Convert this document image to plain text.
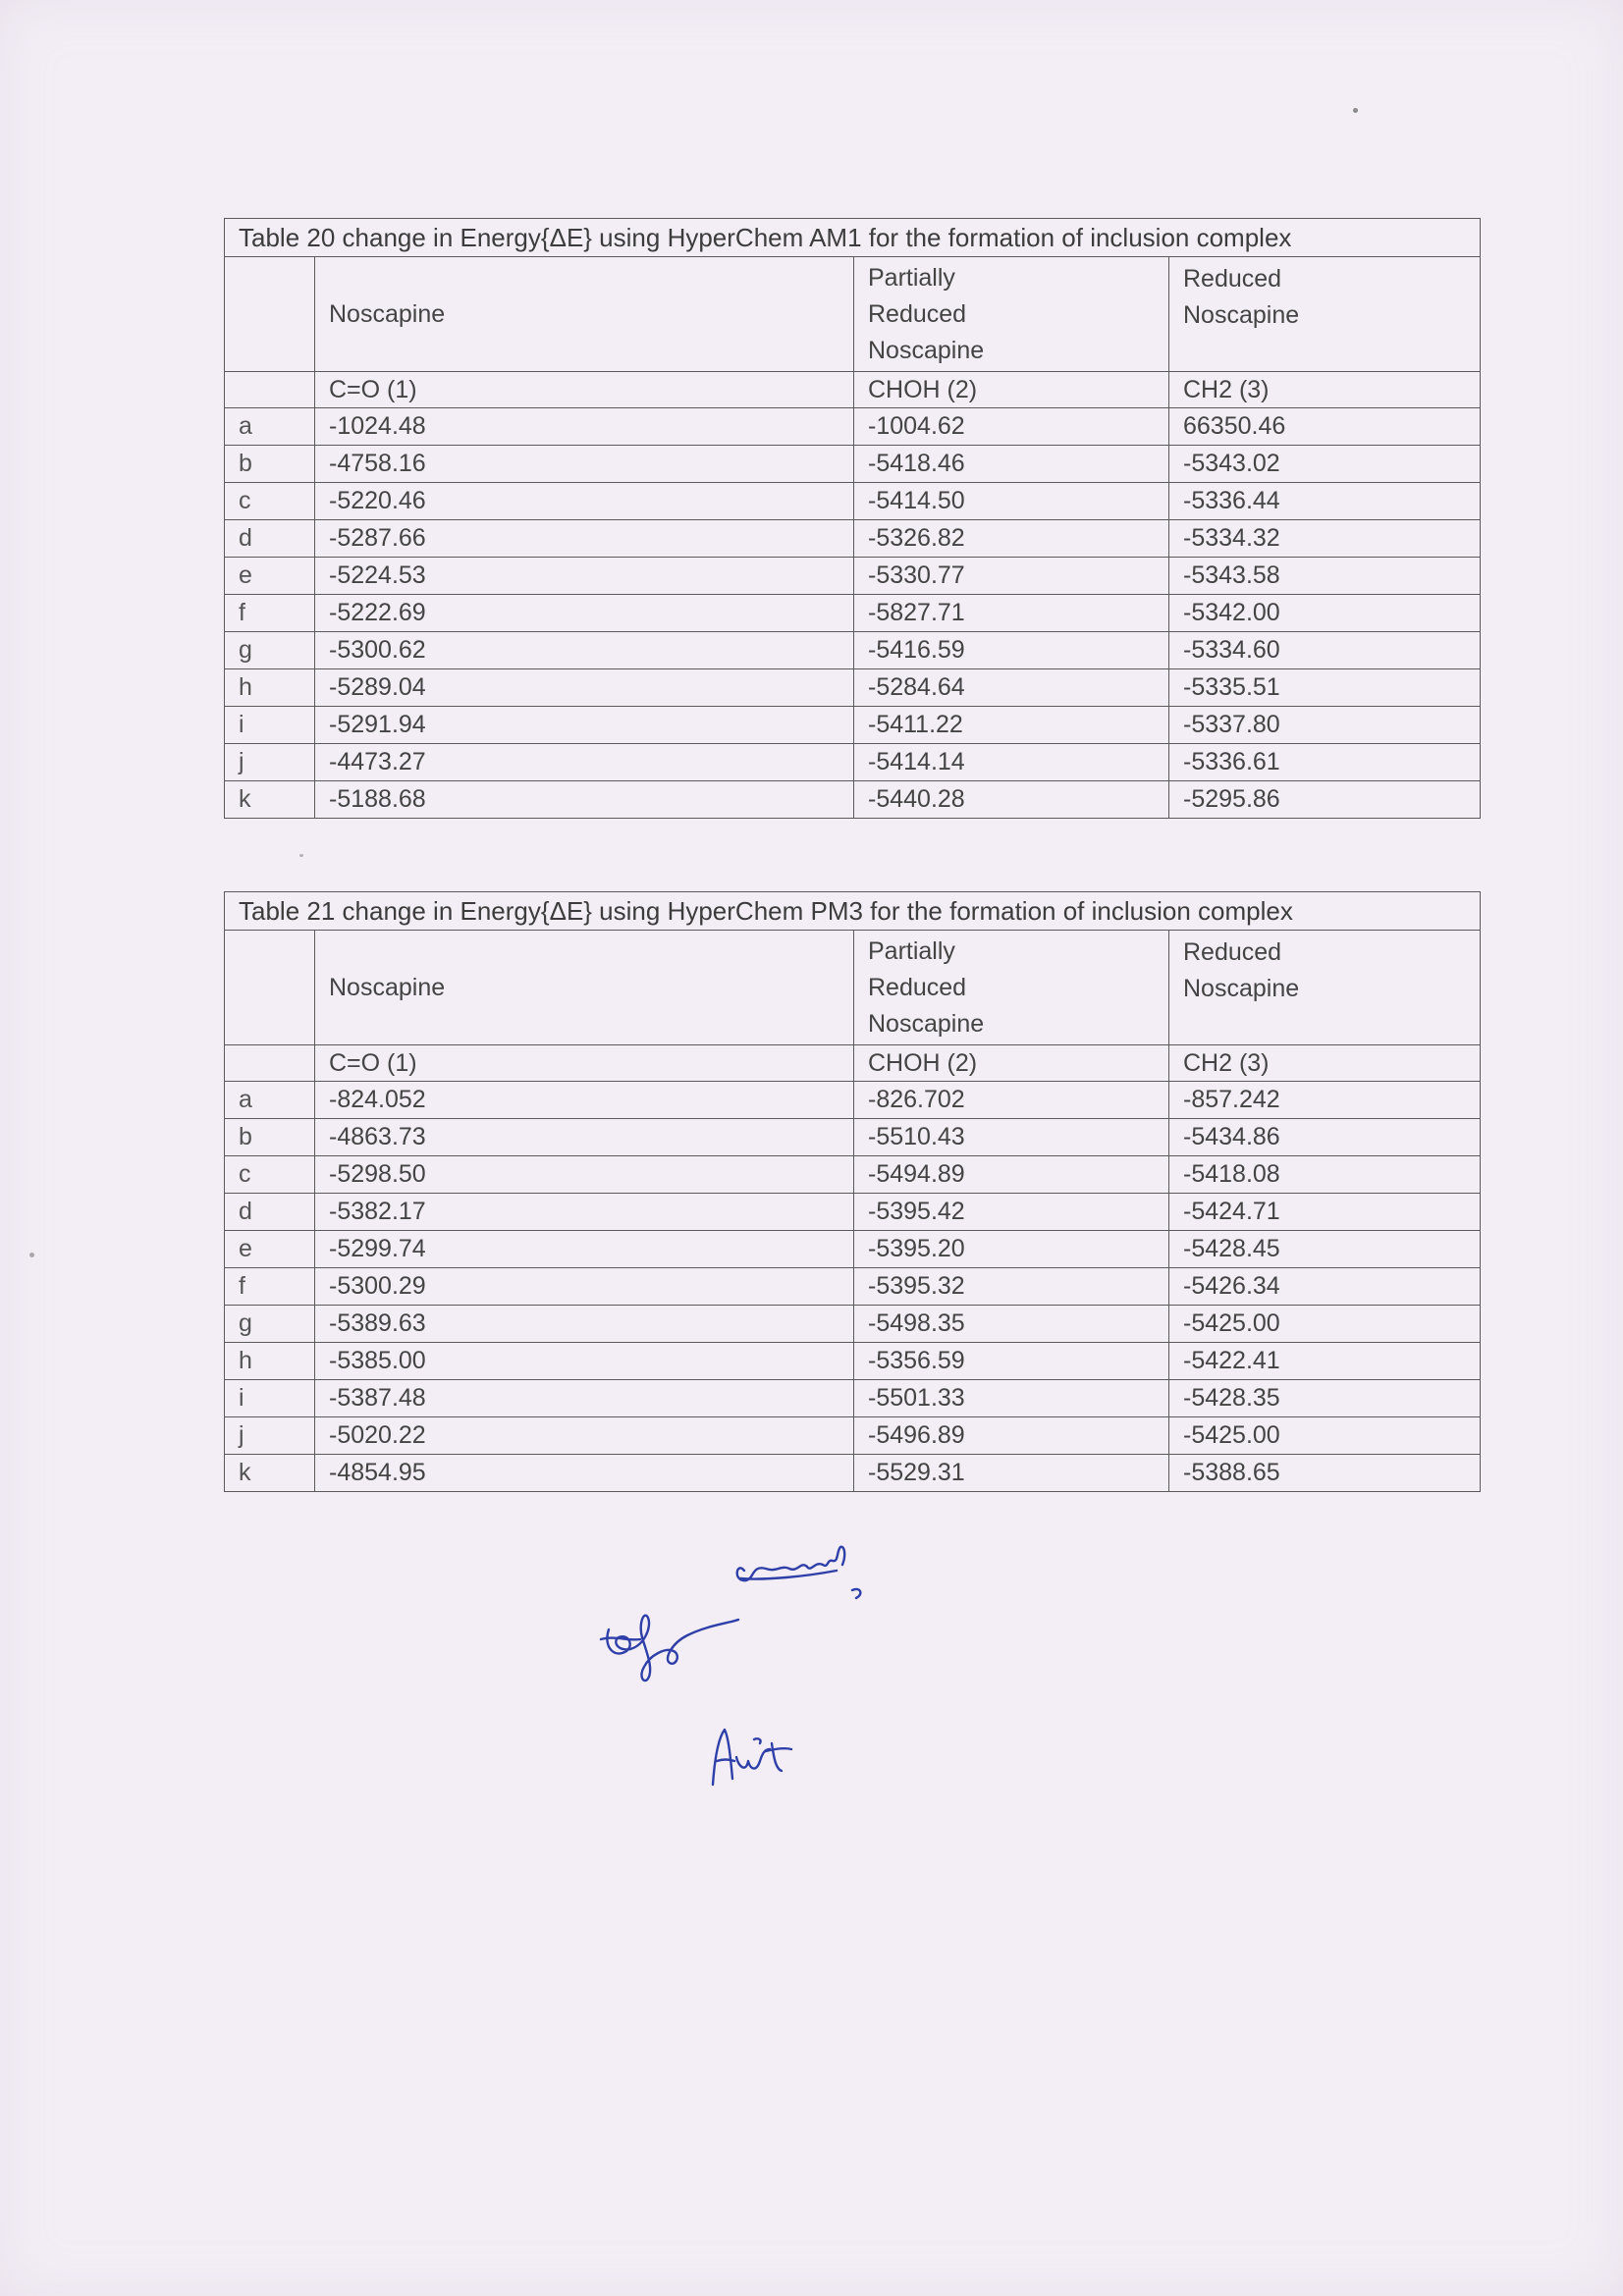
Table 20 change in Energy{ΔE} using HyperChem AM1 for the formation of inclusion complex			
	Noscapine	Partially
Reduced
Noscapine	Reduced
Noscapine
	C=O (1)	CHOH (2)	CH2 (3)
a	-1024.48	-1004.62	66350.46
b	-4758.16	-5418.46	-5343.02
c	-5220.46	-5414.50	-5336.44
d	-5287.66	-5326.82	-5334.32
e	-5224.53	-5330.77	-5343.58
f	-5222.69	-5827.71	-5342.00
g	-5300.62	-5416.59	-5334.60
h	-5289.04	-5284.64	-5335.51
i	-5291.94	-5411.22	-5337.80
j	-4473.27	-5414.14	-5336.61
k	-5188.68	-5440.28	-5295.86
Table 21 change in Energy{ΔE} using HyperChem PM3 for the formation of inclusion complex			
	Noscapine	Partially
Reduced
Noscapine	Reduced
Noscapine
	C=O (1)	CHOH (2)	CH2 (3)
a	-824.052	-826.702	-857.242
b	-4863.73	-5510.43	-5434.86
c	-5298.50	-5494.89	-5418.08
d	-5382.17	-5395.42	-5424.71
e	-5299.74	-5395.20	-5428.45
f	-5300.29	-5395.32	-5426.34
g	-5389.63	-5498.35	-5425.00
h	-5385.00	-5356.59	-5422.41
i	-5387.48	-5501.33	-5428.35
j	-5020.22	-5496.89	-5425.00
k	-4854.95	-5529.31	-5388.65
